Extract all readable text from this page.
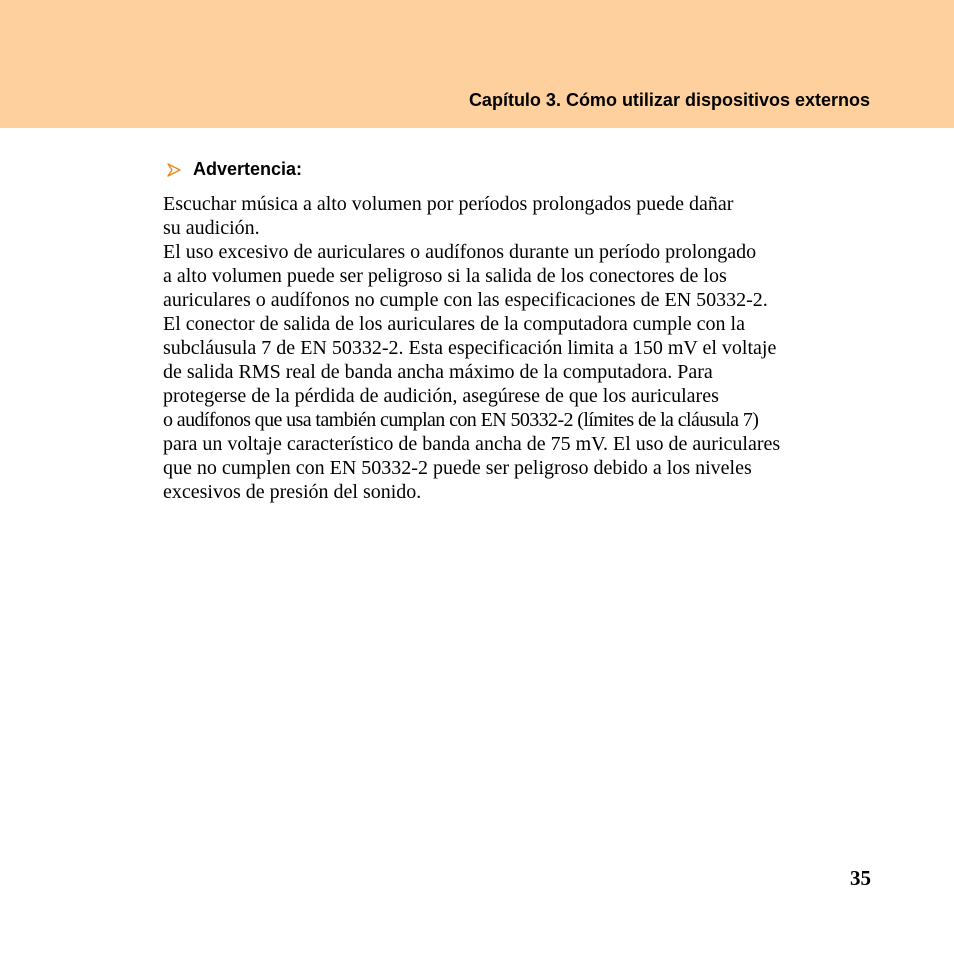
Capítulo 3. Cómo utilizar dispositivos externos
Advertencia:
Escuchar música a alto volumen por períodos prolongados puede dañar
su audición.
El uso excesivo de auriculares o audífonos durante un período prolongado
a alto volumen puede ser peligroso si la salida de los conectores de los
auriculares o audífonos no cumple con las especificaciones de EN 50332-2.
El conector de salida de los auriculares de la computadora cumple con la
subcláusula 7 de EN 50332-2. Esta especificación limita a 150 mV el voltaje
de salida RMS real de banda ancha máximo de la computadora. Para
protegerse de la pérdida de audición, asegúrese de que los auriculares
o audífonos que usa también cumplan con EN 50332-2 (límites de la cláusula 7)
para un voltaje característico de banda ancha de 75 mV. El uso de auriculares
que no cumplen con EN 50332-2 puede ser peligroso debido a los niveles
excesivos de presión del sonido.
35
